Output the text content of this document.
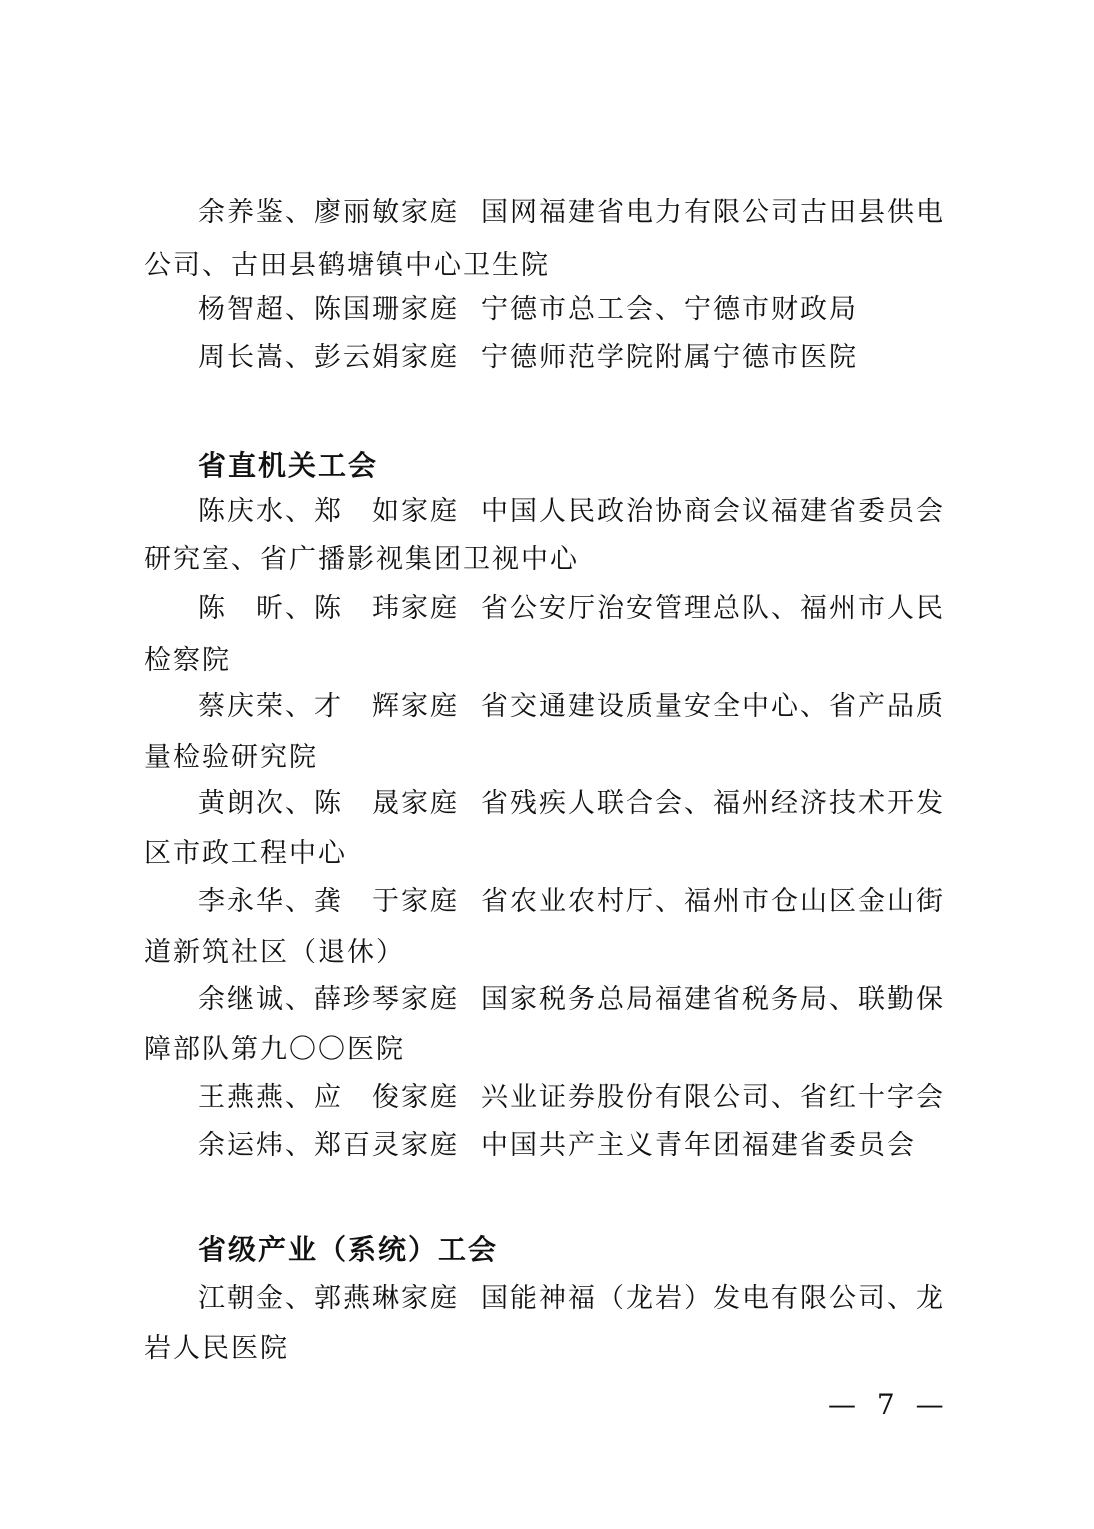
余养鉴、廖丽敏家庭 国网福建省电力有限公司古田县供电
公司、古田县鹤塘镇中心卫生院
杨智超、陈国珊家庭 宁德市总工会、宁德市财政局
周长嵩、彭云娟家庭 宁德师范学院附属宁德市医院
省直机关工会
陈庆水、郑　如家庭 中国人民政治协商会议福建省委员会
研究室、省广播影视集团卫视中心
陈　昕、陈　玮家庭 省公安厅治安管理总队、福州市人民
检察院
蔡庆荣、才　辉家庭 省交通建设质量安全中心、省产品质
量检验研究院
黄朗次、陈　晟家庭 省残疾人联合会、福州经济技术开发
区市政工程中心
李永华、龚　于家庭 省农业农村厅、福州市仓山区金山街
道新筑社区（退休）
余继诚、薛珍琴家庭 国家税务总局福建省税务局、联勤保
障部队第九〇〇医院
王燕燕、应　俊家庭 兴业证券股份有限公司、省红十字会
余运炜、郑百灵家庭 中国共产主义青年团福建省委员会
省级产业（系统）工会
江朝金、郭燕琳家庭 国能神福（龙岩）发电有限公司、龙
岩人民医院
— 7 —
